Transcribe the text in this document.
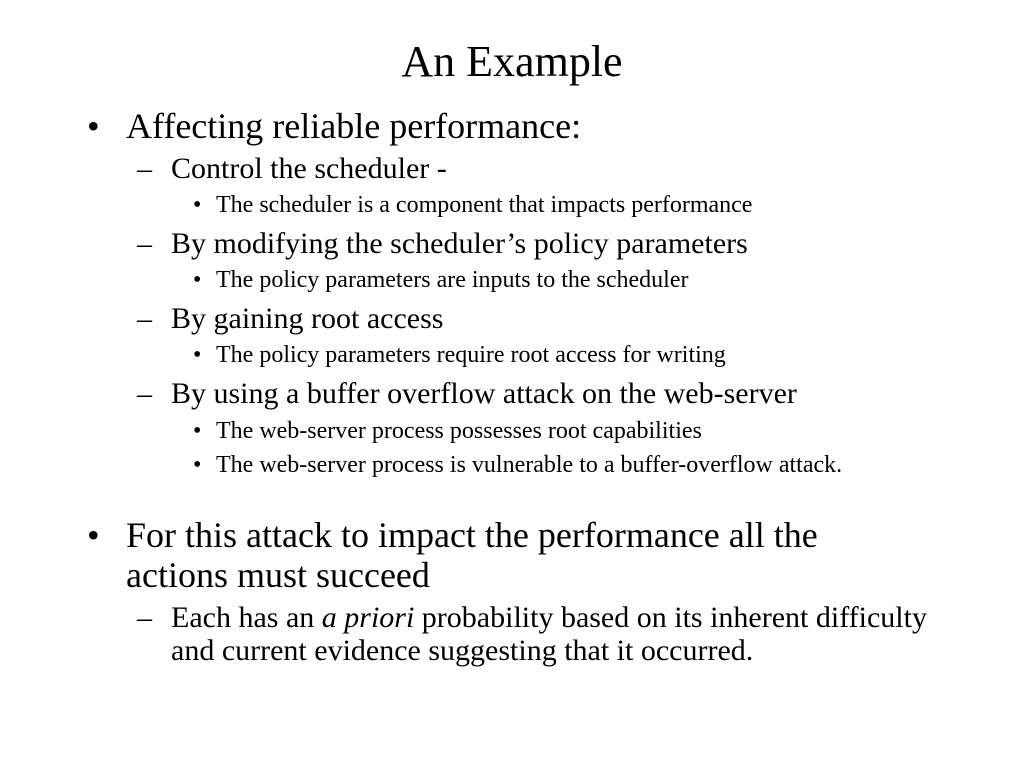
An Example
• Affecting reliable performance:
– Control the scheduler -
• The scheduler is a component that impacts performance
– By modifying the scheduler’s policy parameters
• The policy parameters are inputs to the scheduler
– By gaining root access
• The policy parameters require root access for writing
– By using a buffer overflow attack on the web-server
• The web-server process possesses root capabilities
• The web-server process is vulnerable to a buffer-overflow attack.
• For this attack to impact the performance all the actions must succeed
– Each has an a priori probability based on its inherent difficulty and current evidence suggesting that it occurred.
